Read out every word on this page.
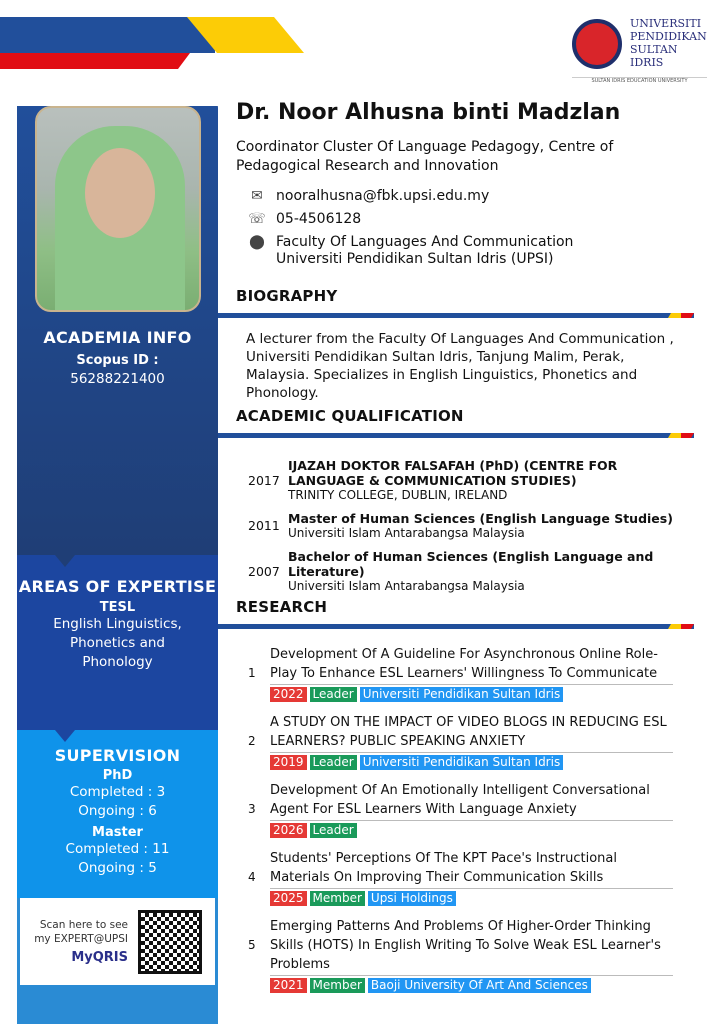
UNIVERSITI
PENDIDIKAN
SULTAN IDRIS
SULTAN IDRIS EDUCATION UNIVERSITY
ACADEMIA INFO
Scopus ID :
56288221400
AREAS OF EXPERTISE
TESL
English Linguistics, Phonetics and Phonology
SUPERVISION
PhD
Completed : 3
Ongoing : 6
Master
Completed : 11
Ongoing : 5
Scan here to see my EXPERT@UPSI
MyQRIS
Dr. Noor Alhusna binti Madzlan
Coordinator Cluster Of Language Pedagogy, Centre of Pedagogical Research and Innovation
✉ nooralhusna@fbk.upsi.edu.my
☏ 05-4506128
⬤ Faculty Of Languages And Communication
Universiti Pendidikan Sultan Idris (UPSI)
BIOGRAPHY
A lecturer from the Faculty Of Languages And Communication , Universiti Pendidikan Sultan Idris, Tanjung Malim, Perak, Malaysia. Specializes in English Linguistics, Phonetics and Phonology.
ACADEMIC QUALIFICATION
2017
IJAZAH DOKTOR FALSAFAH (PhD) (CENTRE FOR LANGUAGE & COMMUNICATION STUDIES)
TRINITY COLLEGE, DUBLIN, IRELAND
2011 Master of Human Sciences (English Language Studies)
Universiti Islam Antarabangsa Malaysia
2007
Bachelor of Human Sciences (English Language and Literature)
Universiti Islam Antarabangsa Malaysia
RESEARCH
1
Development Of A Guideline For Asynchronous Online Role-Play To Enhance ESL Learners' Willingness To Communicate
2022 Leader Universiti Pendidikan Sultan Idris
2
A STUDY ON THE IMPACT OF VIDEO BLOGS IN REDUCING ESL LEARNERS? PUBLIC SPEAKING ANXIETY
2019 Leader Universiti Pendidikan Sultan Idris
3
Development Of An Emotionally Intelligent Conversational Agent For ESL Learners With Language Anxiety
2026 Leader
4
Students' Perceptions Of The KPT Pace's Instructional Materials On Improving Their Communication Skills
2025 Member Upsi Holdings
5
Emerging Patterns And Problems Of Higher-Order Thinking Skills (HOTS) In English Writing To Solve Weak ESL Learner's Problems
2021 Member Baoji University Of Art And Sciences
